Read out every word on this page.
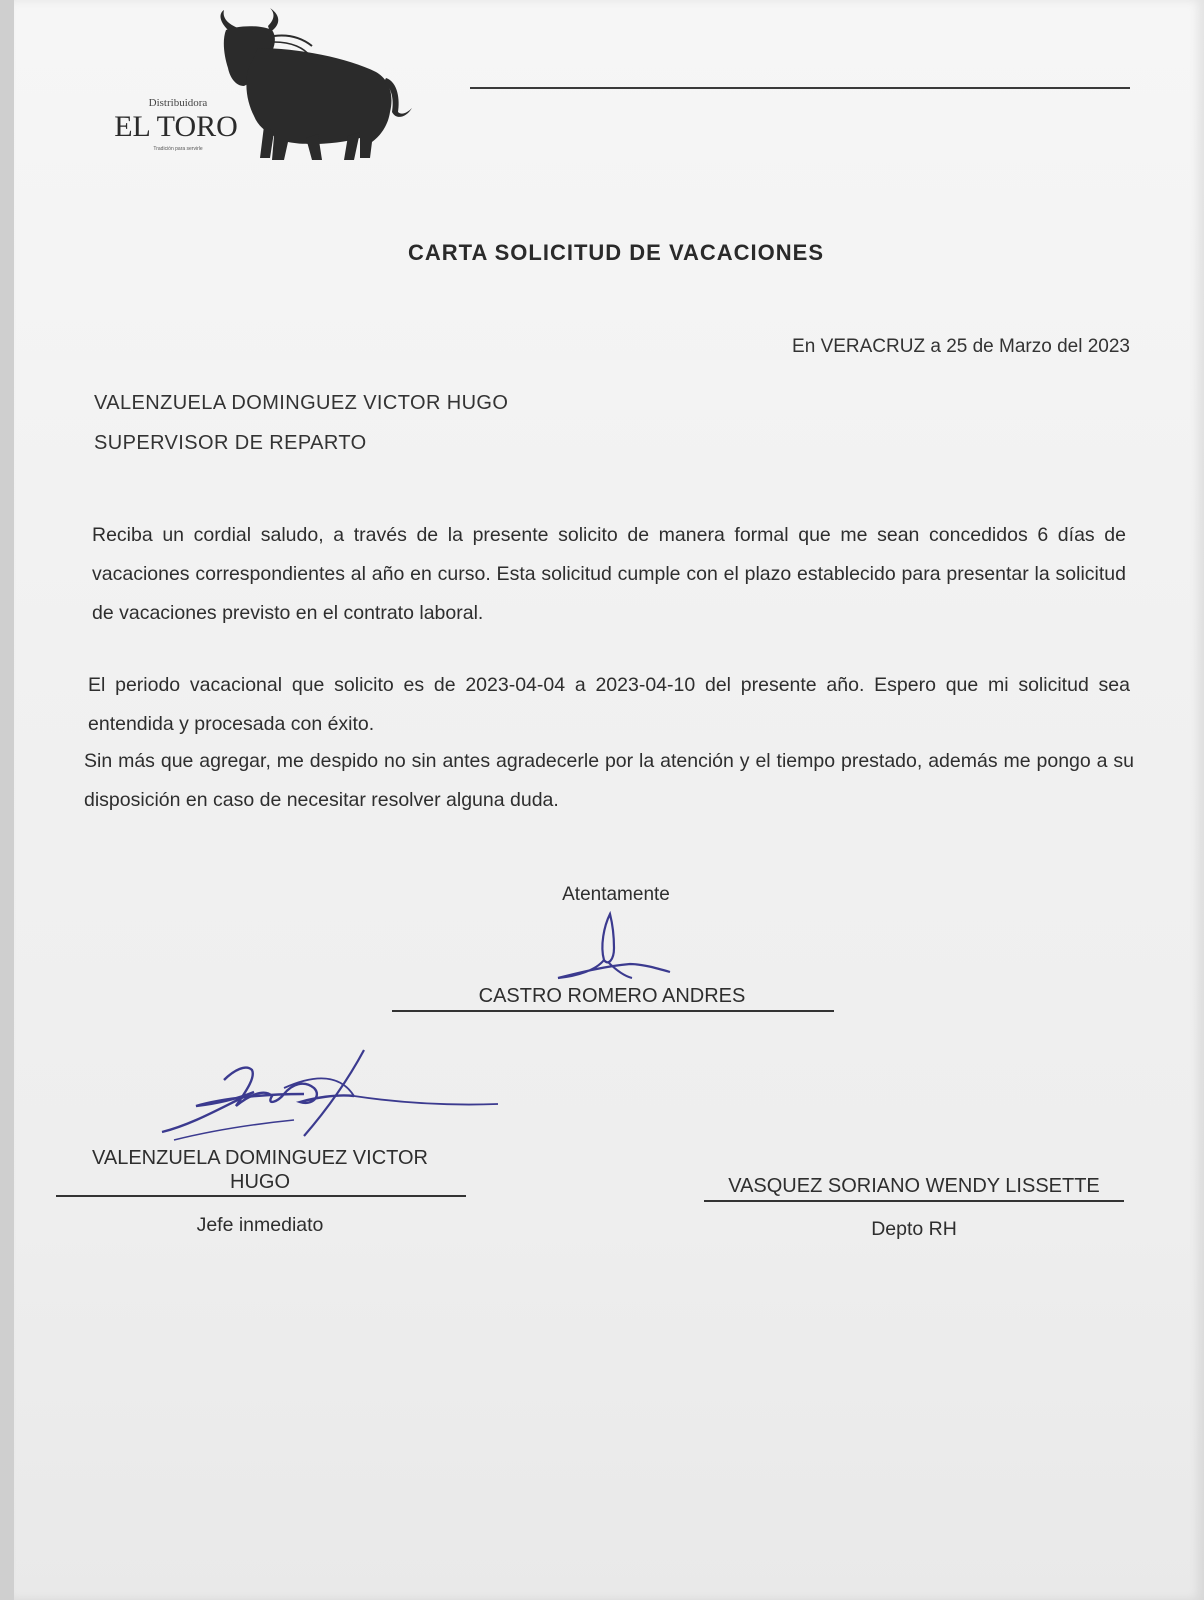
Distribuidora
EL TORO
Tradición para servirle
CARTA SOLICITUD DE VACACIONES
En VERACRUZ a 25 de Marzo del 2023
VALENZUELA DOMINGUEZ VICTOR HUGO
SUPERVISOR DE REPARTO
Reciba un cordial saludo, a través de la presente solicito de manera formal que me sean concedidos 6 días de vacaciones correspondientes al año en curso. Esta solicitud cumple con el plazo establecido para presentar la solicitud de vacaciones previsto en el contrato laboral.
El periodo vacacional que solicito es de 2023-04-04 a 2023-04-10 del presente año. Espero que mi solicitud sea entendida y procesada con éxito.
Sin más que agregar, me despido no sin antes agradecerle por la atención y el tiempo prestado, además me pongo a su disposición en caso de necesitar resolver alguna duda.
Atentamente
CASTRO ROMERO ANDRES
VALENZUELA DOMINGUEZ VICTOR
HUGO
Jefe inmediato
VASQUEZ SORIANO WENDY LISSETTE
Depto RH
